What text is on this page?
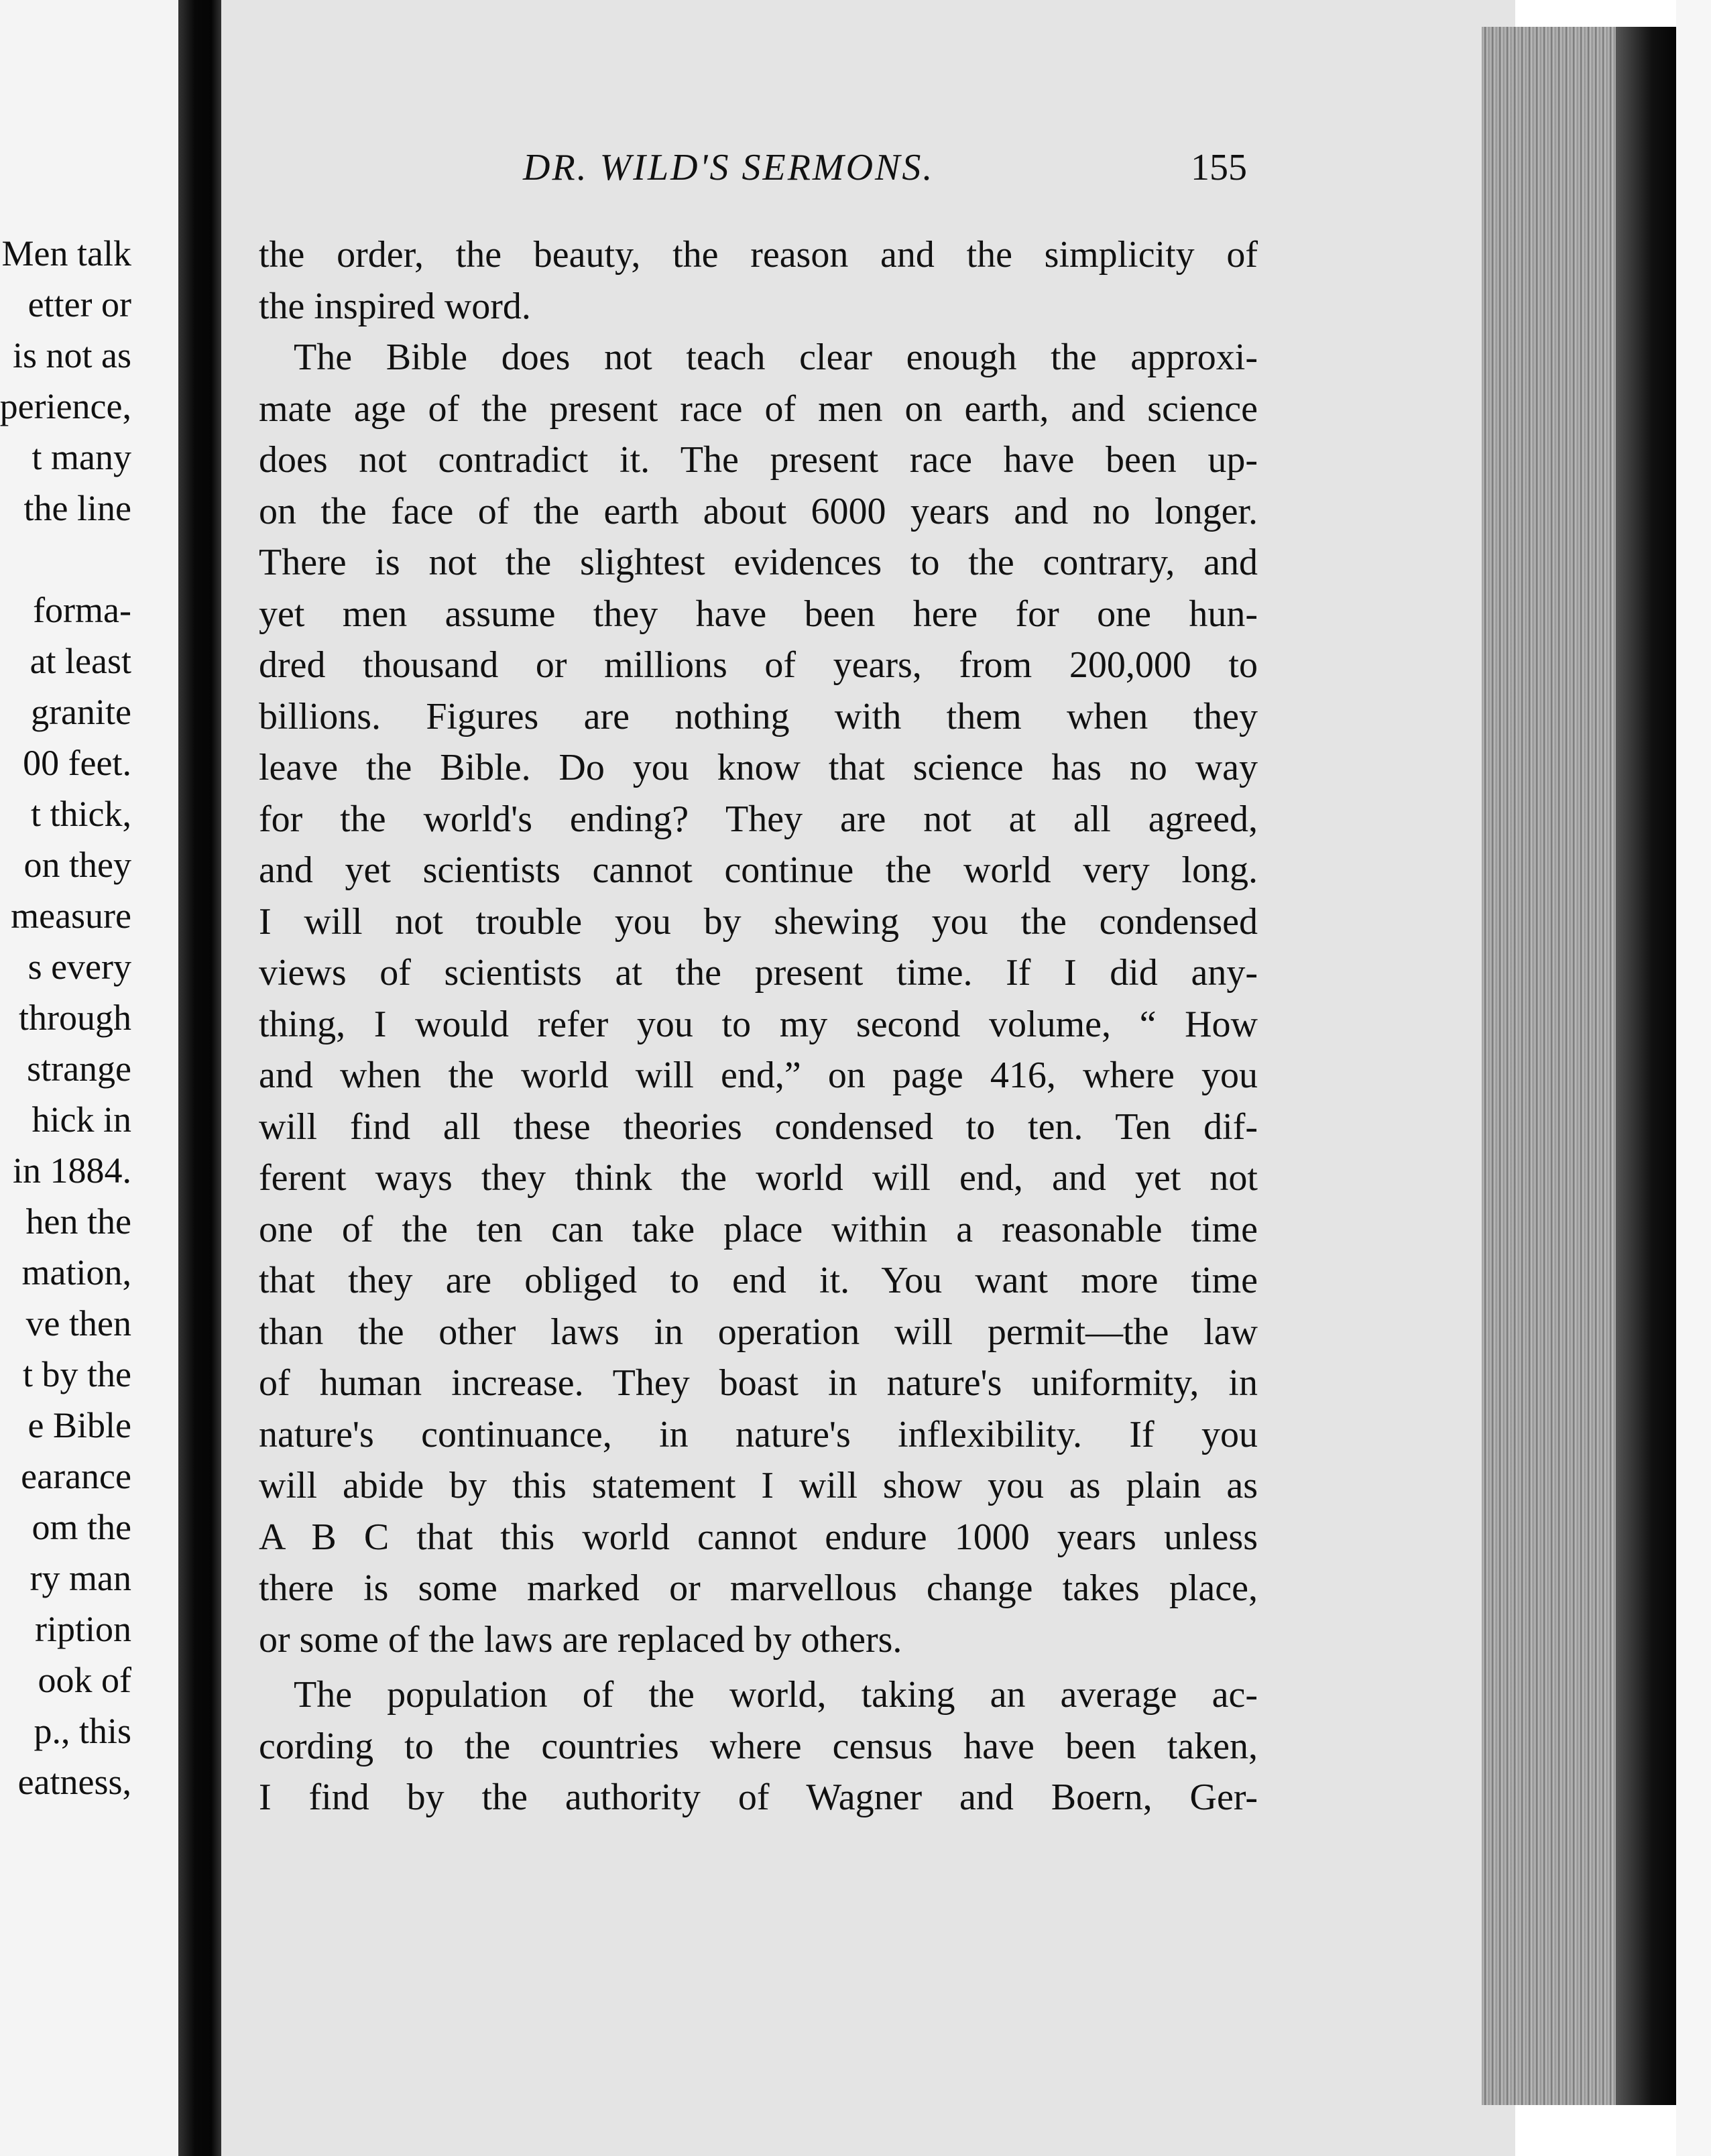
Men talk
etter or
is not as
perience,
t many
the line
forma-
at least
granite
00 feet.
t thick,
on they
measure
s every
through
strange
hick in
in 1884.
hen the
mation,
ve then
t by the
e Bible
earance
om the
ry man
ription
ook of
p., this
eatness,
DR. WILD'S SERMONS.	155
the order, the beauty, the reason and the simplicity of
the inspired word.
The Bible does not teach clear enough the approxi-
mate age of the present race of men on earth, and science
does not contradict it. The present race have been up-
on the face of the earth about 6000 years and no longer.
There is not the slightest evidences to the contrary, and
yet men assume they have been here for one hun-
dred thousand or millions of years, from 200,000 to
billions. Figures are nothing with them when they
leave the Bible. Do you know that science has no way
for the world's ending? They are not at all agreed,
and yet scientists cannot continue the world very long.
I will not trouble you by shewing you the condensed
views of scientists at the present time. If I did any-
thing, I would refer you to my second volume, “ How
and when the world will end,” on page 416, where you
will find all these theories condensed to ten. Ten dif-
ferent ways they think the world will end, and yet not
one of the ten can take place within a reasonable time
that they are obliged to end it. You want more time
than the other laws in operation will permit—the law
of human increase. They boast in nature's uniformity, in
nature's continuance, in nature's inflexibility. If you
will abide by this statement I will show you as plain as
A B C that this world cannot endure 1000 years unless
there is some marked or marvellous change takes place,
or some of the laws are replaced by others.
The population of the world, taking an average ac-
cording to the countries where census have been taken,
I find by the authority of Wagner and Boern, Ger-
